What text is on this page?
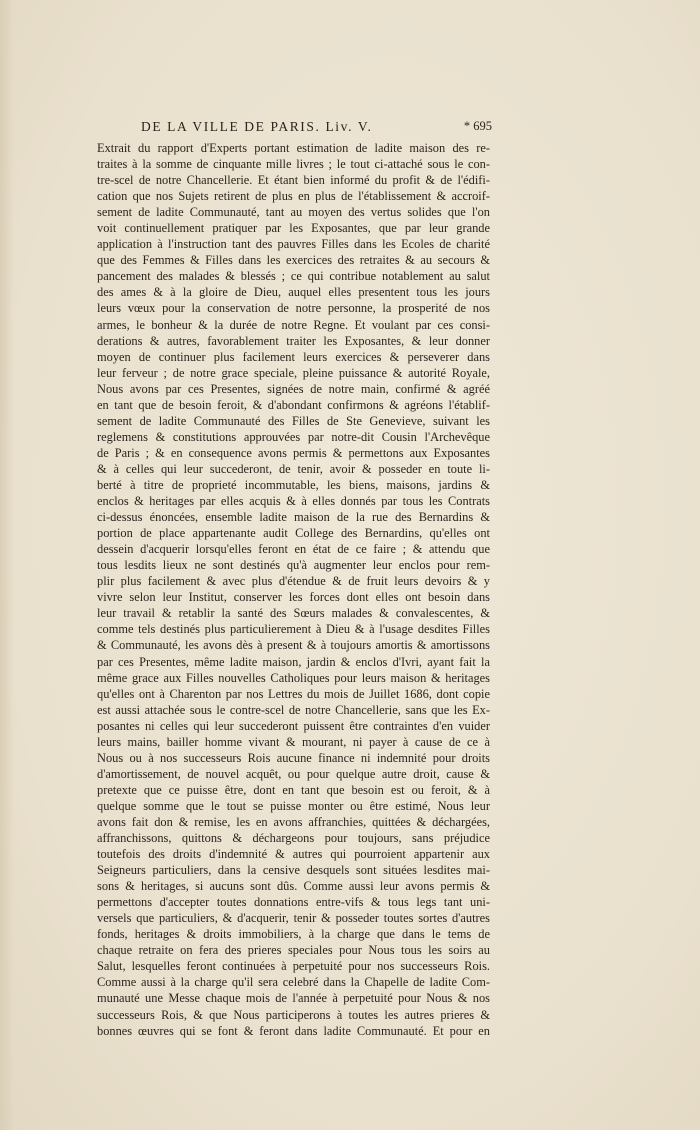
DE LA VILLE DE PARIS. Liv. V.	* 695
Extrait du rapport d'Experts portant estimation de ladite maison des re-
traites à la somme de cinquante mille livres ; le tout ci-attaché sous le con-
tre-scel de notre Chancellerie. Et étant bien informé du profit & de l'édifi-
cation que nos Sujets retirent de plus en plus de l'établissement & accroif-
sement de ladite Communauté, tant au moyen des vertus solides que l'on
voit continuellement pratiquer par les Exposantes, que par leur grande
application à l'instruction tant des pauvres Filles dans les Ecoles de charité
que des Femmes & Filles dans les exercices des retraites & au secours &
pancement des malades & blessés ; ce qui contribue notablement au salut
des ames & à la gloire de Dieu, auquel elles presentent tous les jours
leurs vœux pour la conservation de notre personne, la prosperité de nos
armes, le bonheur & la durée de notre Regne. Et voulant par ces consi-
derations & autres, favorablement traiter les Exposantes, & leur donner
moyen de continuer plus facilement leurs exercices & perseverer dans
leur ferveur ; de notre grace speciale, pleine puissance & autorité Royale,
Nous avons par ces Presentes, signées de notre main, confirmé & agréé
en tant que de besoin feroit, & d'abondant confirmons & agréons l'établif-
sement de ladite Communauté des Filles de Ste Genevieve, suivant les
reglemens & constitutions approuvées par notre-dit Cousin l'Archevêque
de Paris ; & en consequence avons permis & permettons aux Exposantes
& à celles qui leur succederont, de tenir, avoir & posseder en toute li-
berté à titre de proprieté incommutable, les biens, maisons, jardins &
enclos & heritages par elles acquis & à elles donnés par tous les Contrats
ci-dessus énoncées, ensemble ladite maison de la rue des Bernardins &
portion de place appartenante audit College des Bernardins, qu'elles ont
dessein d'acquerir lorsqu'elles feront en état de ce faire ; & attendu que
tous lesdits lieux ne sont destinés qu'à augmenter leur enclos pour rem-
plir plus facilement & avec plus d'étendue & de fruit leurs devoirs & y
vivre selon leur Institut, conserver les forces dont elles ont besoin dans
leur travail & retablir la santé des Sœurs malades & convalescentes, &
comme tels destinés plus particulierement à Dieu & à l'usage desdites Filles
& Communauté, les avons dès à present & à toujours amortis & amortissons
par ces Presentes, même ladite maison, jardin & enclos d'Ivri, ayant fait la
même grace aux Filles nouvelles Catholiques pour leurs maison & heritages
qu'elles ont à Charenton par nos Lettres du mois de Juillet 1686, dont copie
est aussi attachée sous le contre-scel de notre Chancellerie, sans que les Ex-
posantes ni celles qui leur succederont puissent être contraintes d'en vuider
leurs mains, bailler homme vivant & mourant, ni payer à cause de ce à
Nous ou à nos successeurs Rois aucune finance ni indemnité pour droits
d'amortissement, de nouvel acquêt, ou pour quelque autre droit, cause &
pretexte que ce puisse être, dont en tant que besoin est ou feroit, & à
quelque somme que le tout se puisse monter ou être estimé, Nous leur
avons fait don & remise, les en avons affranchies, quittées & déchargées,
affranchissons, quittons & déchargeons pour toujours, sans préjudice
toutefois des droits d'indemnité & autres qui pourroient appartenir aux
Seigneurs particuliers, dans la censive desquels sont situées lesdites mai-
sons & heritages, si aucuns sont dûs. Comme aussi leur avons permis &
permettons d'accepter toutes donnations entre-vifs & tous legs tant uni-
versels que particuliers, & d'acquerir, tenir & posseder toutes sortes d'autres
fonds, heritages & droits immobiliers, à la charge que dans le tems de
chaque retraite on fera des prieres speciales pour Nous tous les soirs au
Salut, lesquelles feront continuées à perpetuité pour nos successeurs Rois.
Comme aussi à la charge qu'il sera celebré dans la Chapelle de ladite Com-
munauté une Messe chaque mois de l'année à perpetuité pour Nous & nos
successeurs Rois, & que Nous participerons à toutes les autres prieres &
bonnes œuvres qui se font & feront dans ladite Communauté. Et pour en
